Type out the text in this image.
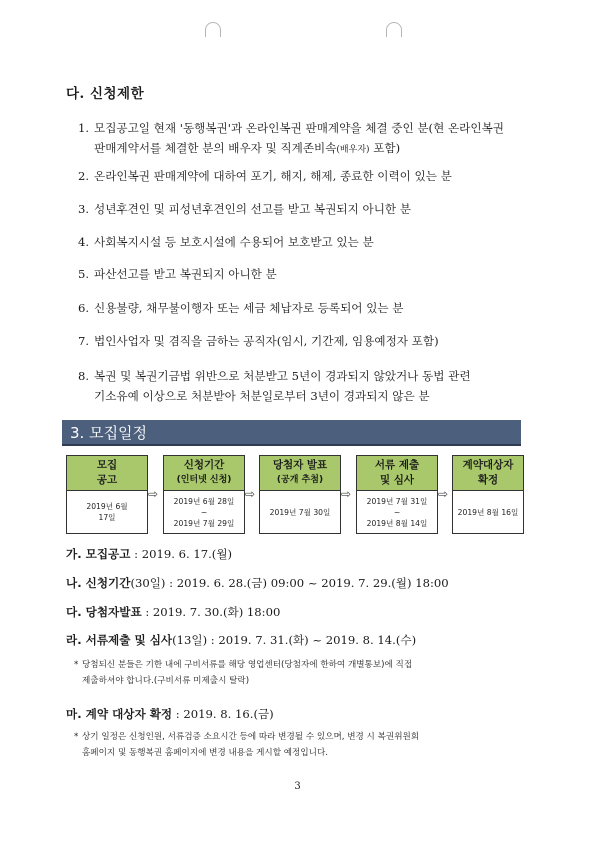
다. 신청제한
1. 모집공고일 현재 '동행복권'과 온라인복권 판매계약을 체결 중인 분(현 온라인복권
판매계약서를 체결한 분의 배우자 및 직계존비속(배우자) 포함)
2. 온라인복권 판매계약에 대하여 포기, 해지, 해제, 종료한 이력이 있는 분
3. 성년후견인 및 피성년후견인의 선고를 받고 복권되지 아니한 분
4. 사회복지시설 등 보호시설에 수용되어 보호받고 있는 분
5. 파산선고를 받고 복권되지 아니한 분
6. 신용불량, 채무불이행자 또는 세금 체납자로 등록되어 있는 분
7. 법인사업자 및 겸직을 금하는 공직자(임시, 기간제, 임용예정자 포함)
8. 복권 및 복권기금법 위반으로 처분받고 5년이 경과되지 않았거나 동법 관련
기소유예 이상으로 처분받아 처분일로부터 3년이 경과되지 않은 분
3. 모집일정
모집
공고
2019년 6월
17일
⇨
신청기간
(인터넷 신청)
2019년 6월 28일
~
2019년 7월 29일
⇨
당첨자 발표
(공개 추첨)
2019년 7월 30일
⇨
서류 제출
및 심사
2019년 7월 31일
~
2019년 8월 14일
⇨
계약대상자
확정
2019년 8월 16일
가. 모집공고 : 2019. 6. 17.(월)
나. 신청기간(30일) : 2019. 6. 28.(금) 09:00 ~ 2019. 7. 29.(월) 18:00
다. 당첨자발표 : 2019. 7. 30.(화) 18:00
라. 서류제출 및 심사(13일) : 2019. 7. 31.(화) ~ 2019. 8. 14.(수)
* 당첨되신 분들은 기한 내에 구비서류를 해당 영업센터(당첨자에 한하여 개별통보)에 직접
제출하셔야 합니다.(구비서류 미제출시 탈락)
마. 계약 대상자 확정 : 2019. 8. 16.(금)
* 상기 일정은 신청인원, 서류검증 소요시간 등에 따라 변경될 수 있으며, 변경 시 복권위원회
홈페이지 및 동행복권 홈페이지에 변경 내용을 게시할 예정입니다.
3
